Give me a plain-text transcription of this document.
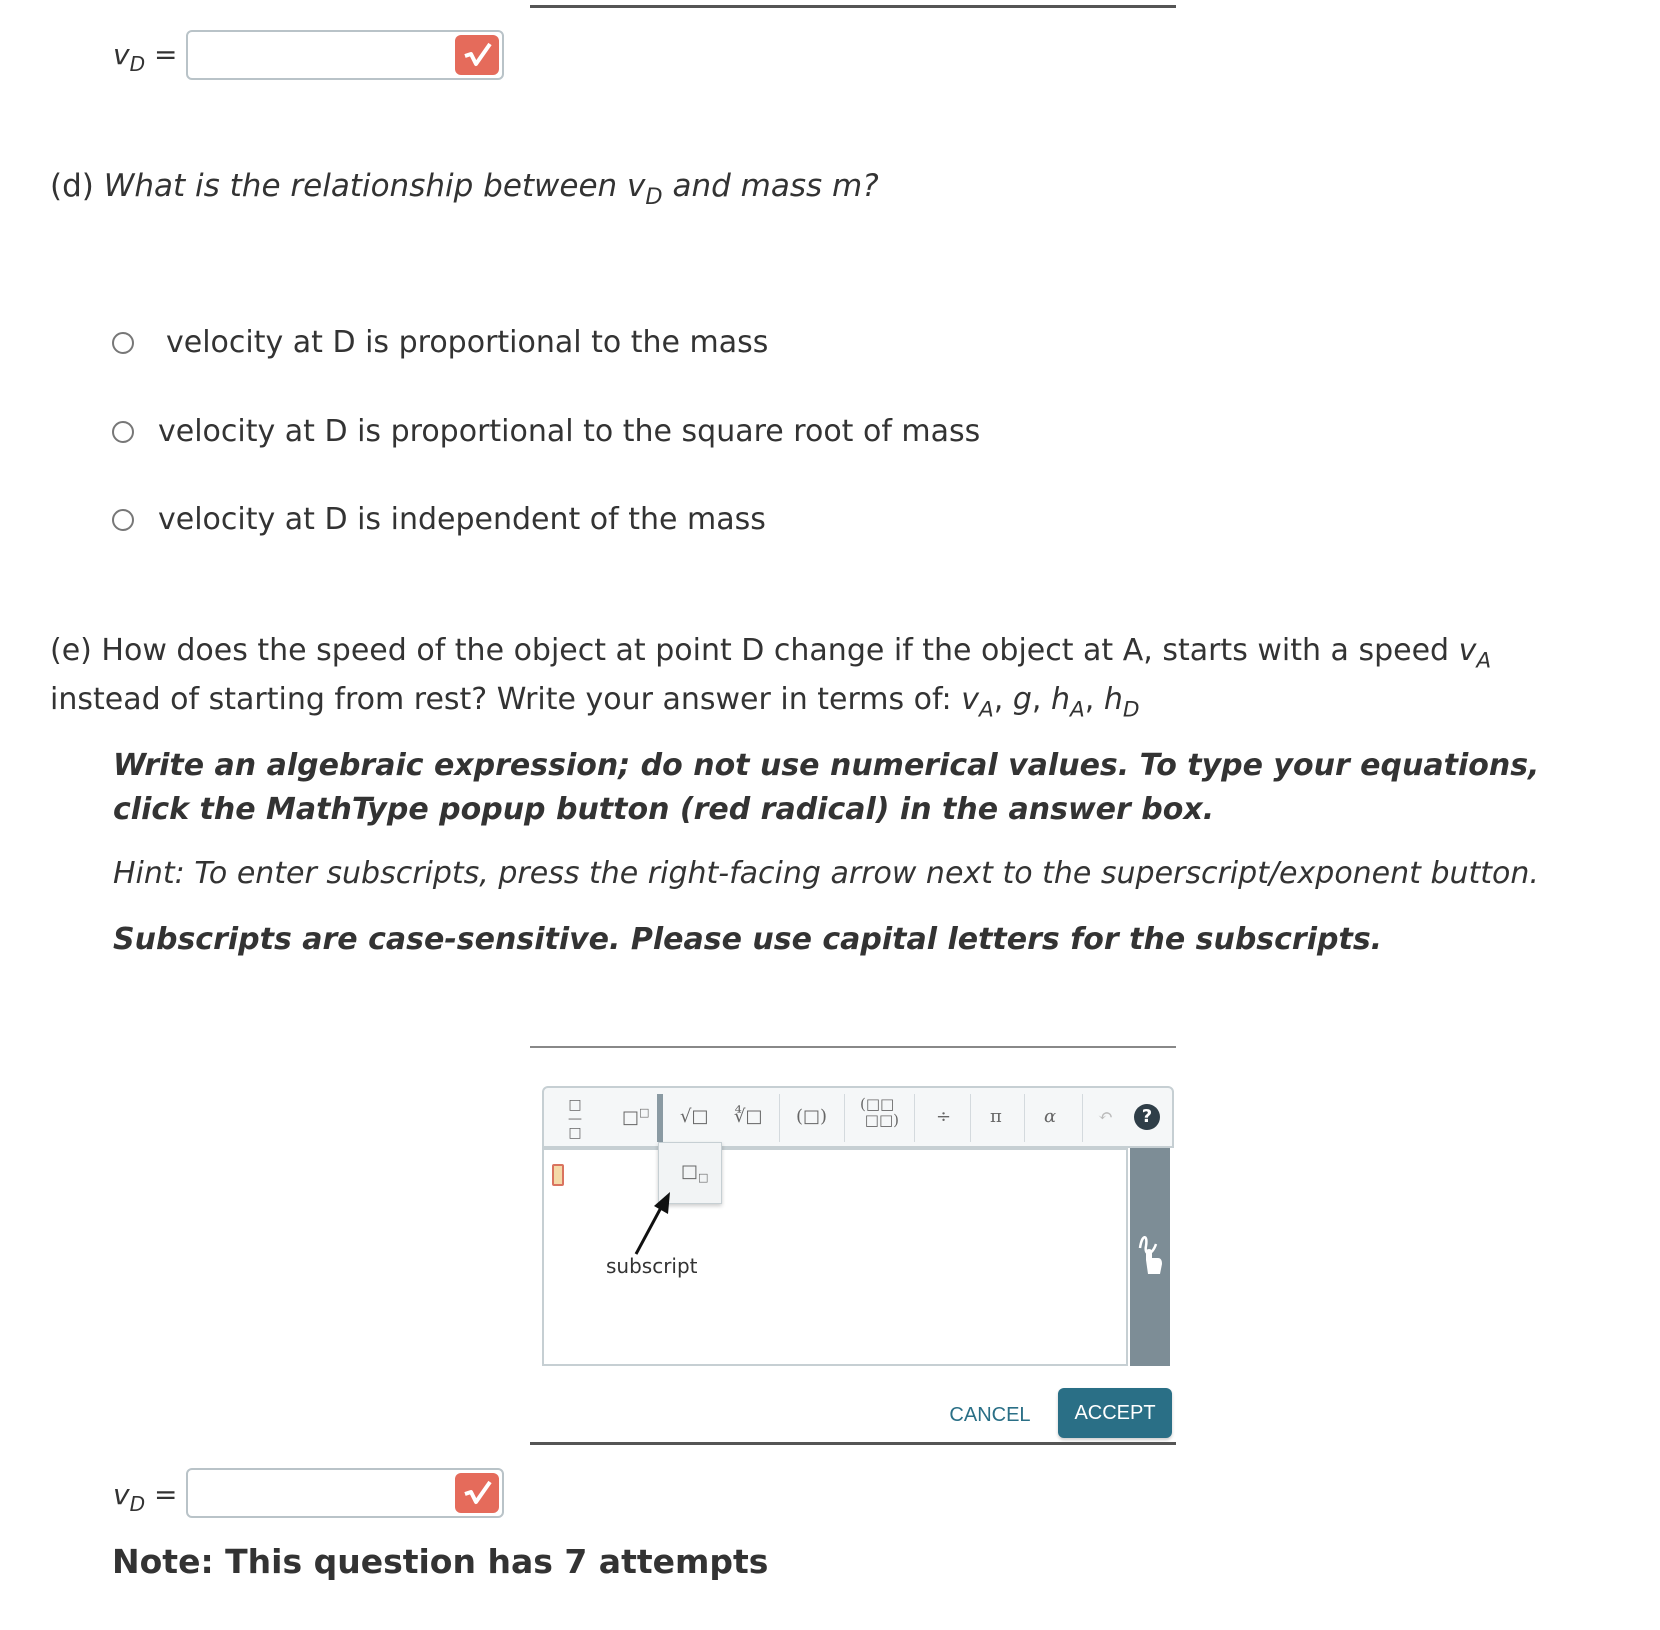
$v_D$ =
(d) What is the relationship between $v_D$ and mass m?
velocity at D is proportional to the mass
velocity at D is proportional to the square root of mass
velocity at D is independent of the mass
(e) How does the speed of the object at point D change if the object at A, starts with a speed $v_A$ instead of starting from rest? Write your answer in terms of: $v_A$, g, $h_A$, $h_D$
Write an algebraic expression; do not use numerical values. To type your equations, click the MathType popup button (red radical) in the answer box.
Hint: To enter subscripts, press the right-facing arrow next to the superscript/exponent button.
Subscripts are case-sensitive. Please use capital letters for the subscripts.
□
—
□
□□ √□ ∜□ (□)
(□□
□□) ÷ π α ↶	?
$□_□$
subscript
CANCEL	ACCEPT
$v_D$ =
Note: This question has 7 attempts
